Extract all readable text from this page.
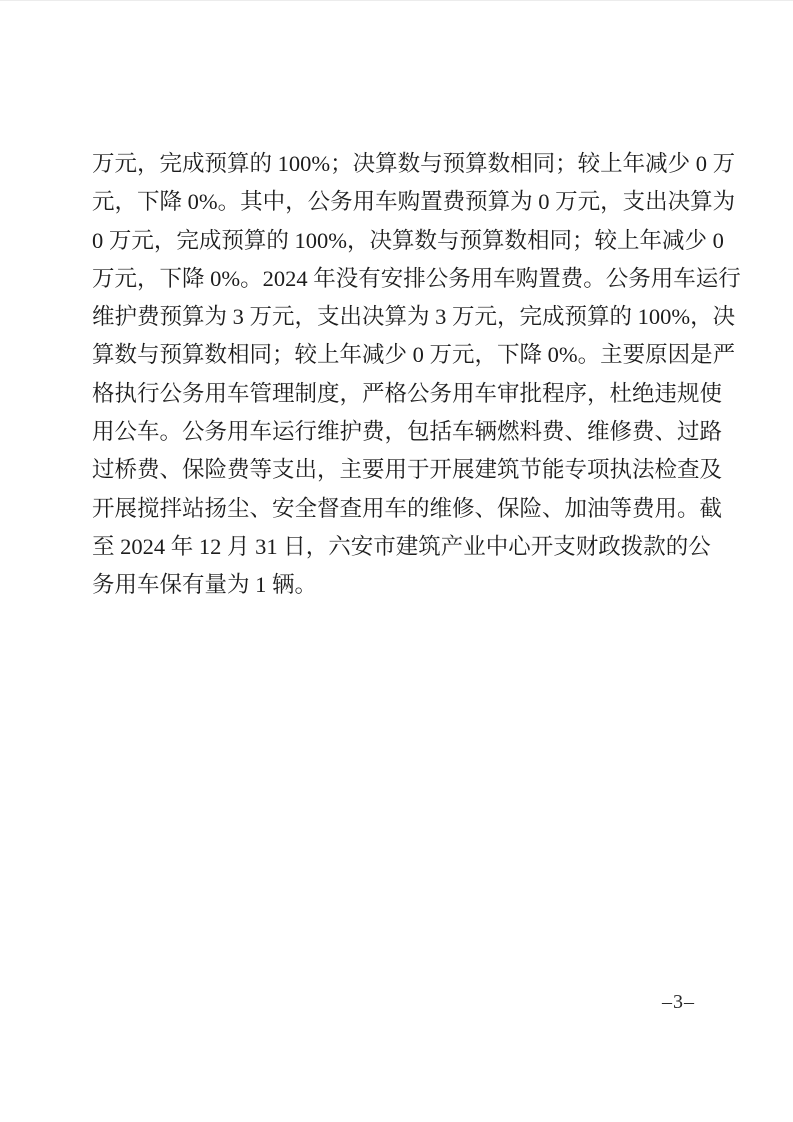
万元，完成预算的 100%；决算数与预算数相同；较上年减少 0 万
元，下降 0%。其中，公务用车购置费预算为 0 万元，支出决算为
0 万元，完成预算的 100%，决算数与预算数相同；较上年减少 0
万元，下降 0%。2024 年没有安排公务用车购置费。公务用车运行
维护费预算为 3 万元，支出决算为 3 万元，完成预算的 100%，决
算数与预算数相同；较上年减少 0 万元，下降 0%。主要原因是严
格执行公务用车管理制度，严格公务用车审批程序，杜绝违规使
用公车。公务用车运行维护费，包括车辆燃料费、维修费、过路
过桥费、保险费等支出，主要用于开展建筑节能专项执法检查及
开展搅拌站扬尘、安全督查用车的维修、保险、加油等费用。截
至 2024 年 12 月 31 日，六安市建筑产业中心开支财政拨款的公
务用车保有量为 1 辆。
–3–
